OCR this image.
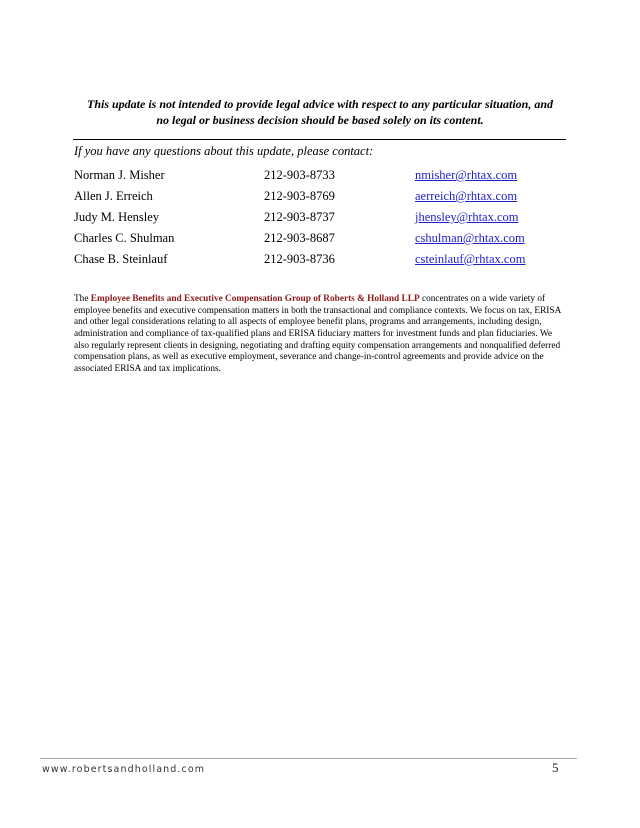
This update is not intended to provide legal advice with respect to any particular situation, and
no legal or business decision should be based solely on its content.
If you have any questions about this update, please contact:
Norman J. Misher	212-903-8733	nmisher@rhtax.com
Allen J. Erreich	212-903-8769	aerreich@rhtax.com
Judy M. Hensley	212-903-8737	jhensley@rhtax.com
Charles C. Shulman	212-903-8687	cshulman@rhtax.com
Chase B. Steinlauf	212-903-8736	csteinlauf@rhtax.com

The Employee Benefits and Executive Compensation Group of Roberts & Holland LLP concentrates on a wide variety of employee benefits and executive compensation matters in both the transactional and compliance contexts. We focus on tax, ERISA and other legal considerations relating to all aspects of employee benefit plans, programs and arrangements, including design, administration and compliance of tax-qualified plans and ERISA fiduciary matters for investment funds and plan fiduciaries. We also regularly represent clients in designing, negotiating and drafting equity compensation arrangements and nonqualified deferred compensation plans, as well as executive employment, severance and change-in-control agreements and provide advice on the associated ERISA and tax implications.

www.robertsandholland.com	5
